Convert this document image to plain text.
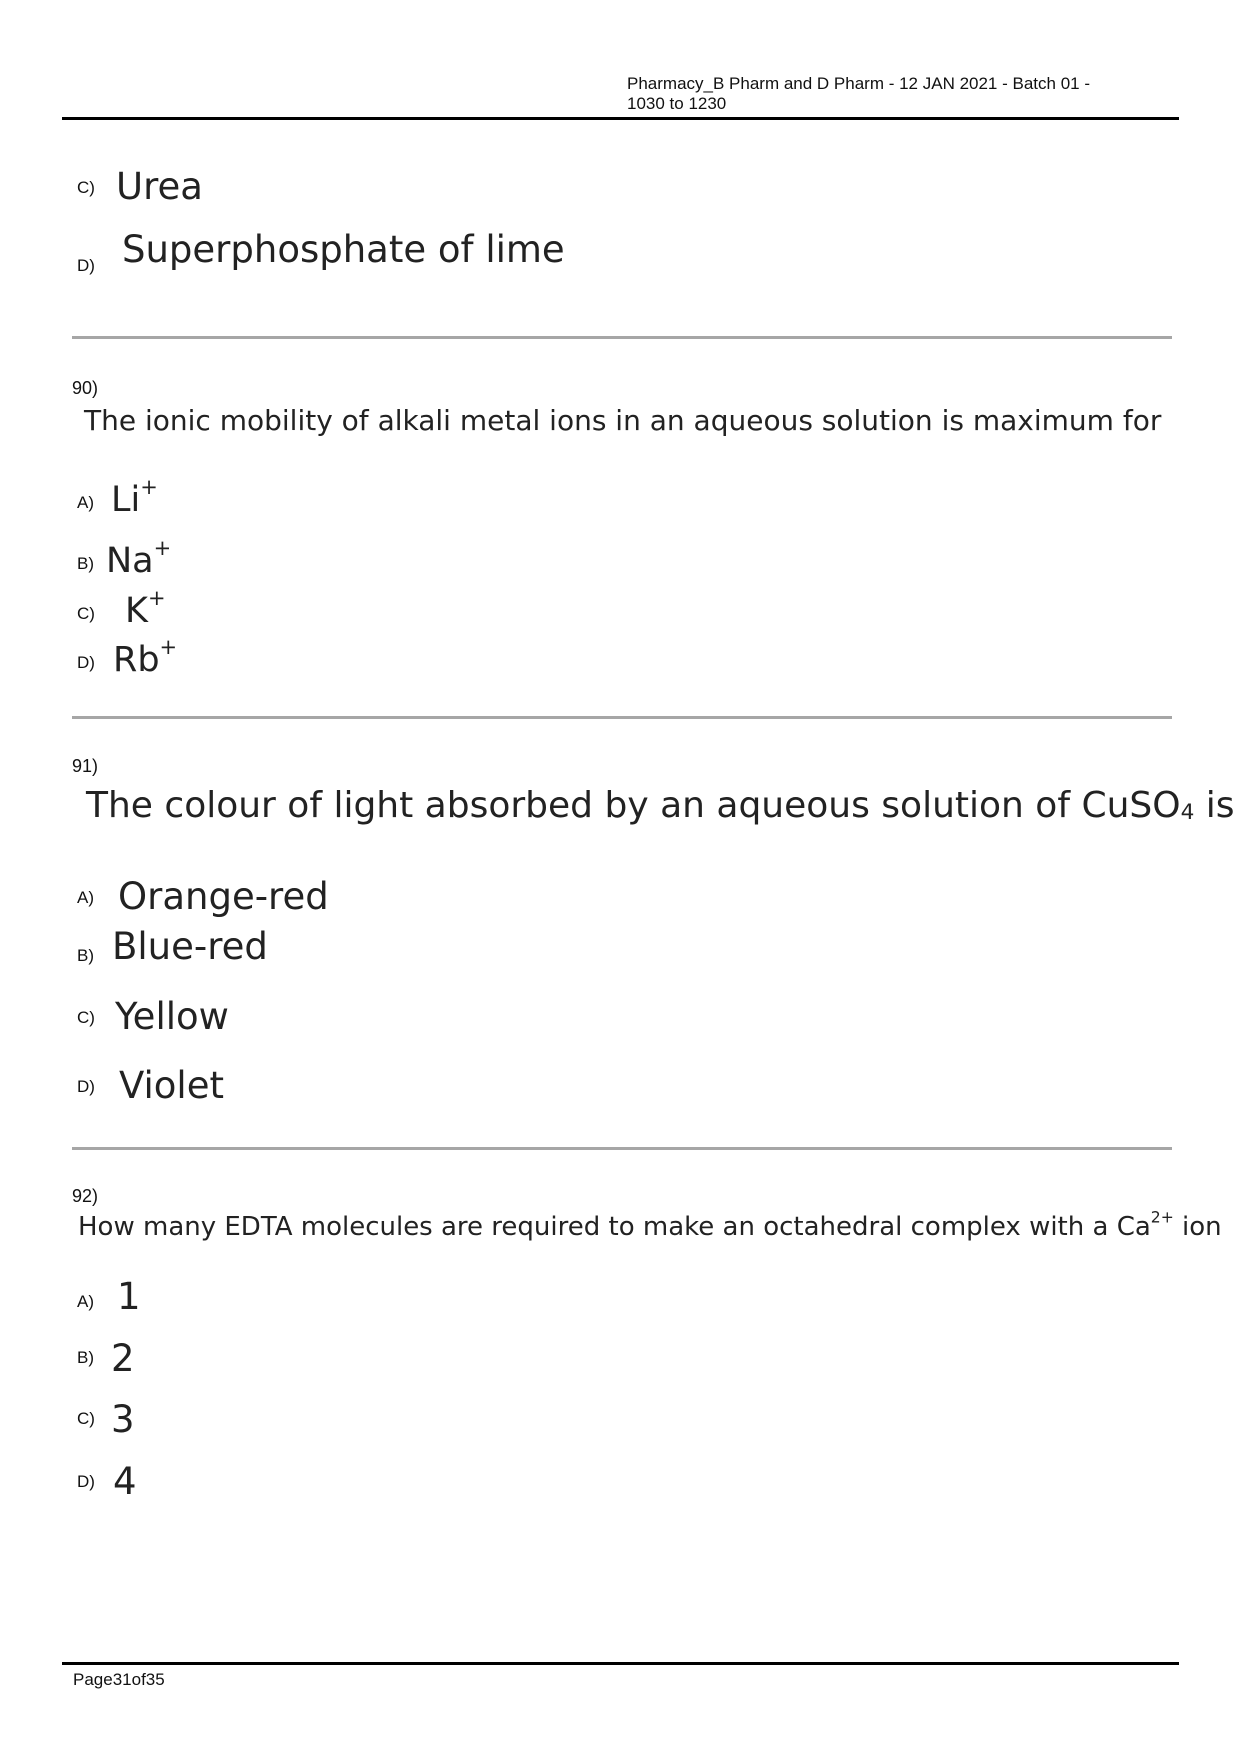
Pharmacy_B Pharm and D Pharm - 12 JAN 2021 - Batch 01 -
1030 to 1230
C) Urea
D) Superphosphate of lime
90)
The ionic mobility of alkali metal ions in an aqueous solution is maximum for
A) Li+
B) Na+
C) K+
D) Rb+
91)
The colour of light absorbed by an aqueous solution of CuSO$_4$ is
A) Orange-red
B) Blue-red
C) Yellow
D) Violet
92)
How many EDTA molecules are required to make an octahedral complex with a $Ca^{2+}$ ion
A) 1
B) 2
C) 3
D) 4
Page31of35
